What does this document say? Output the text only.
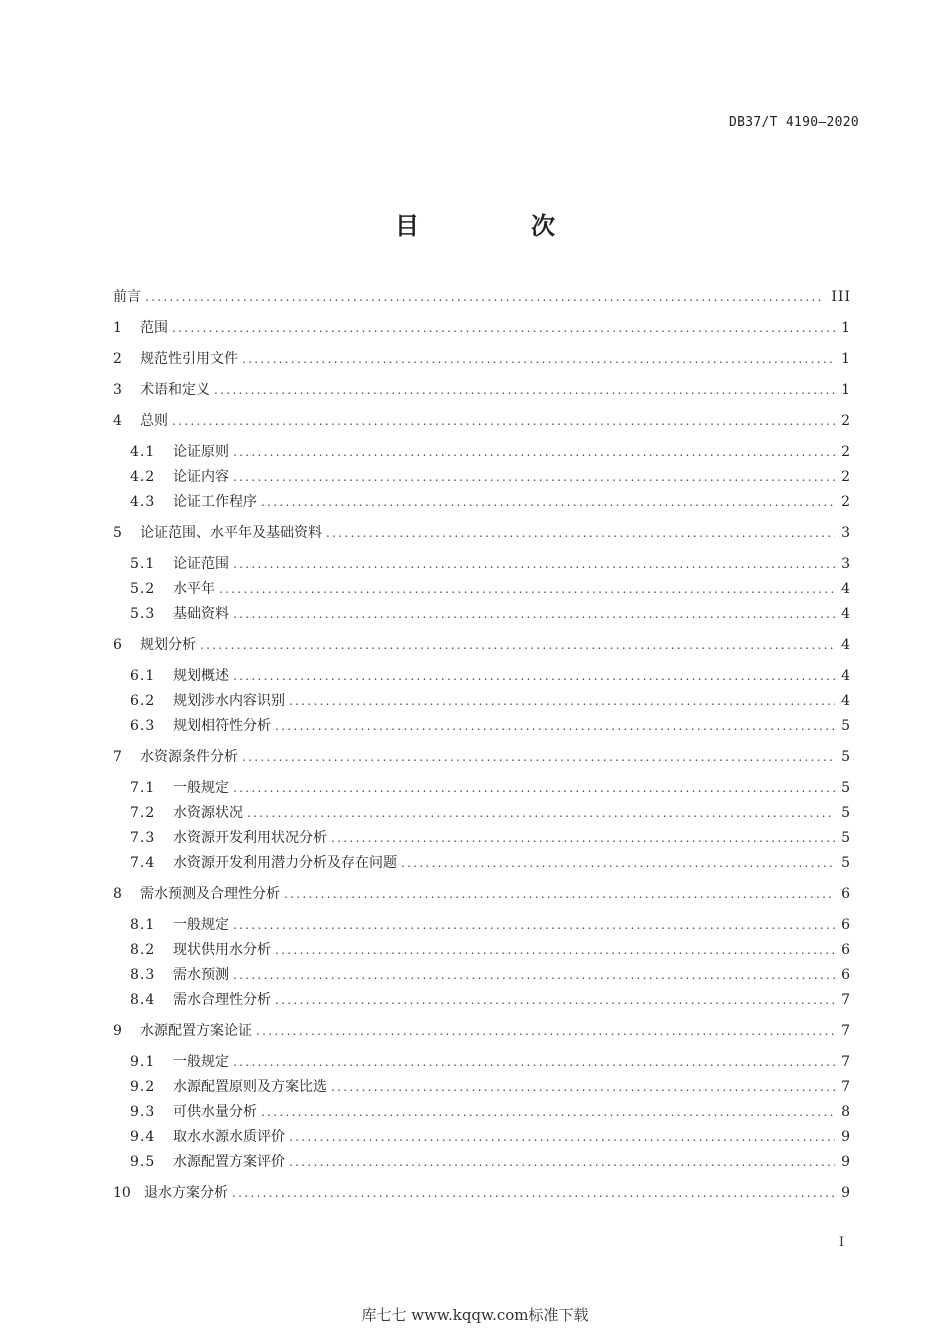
DB37/T 4190—2020
目　次
前言 .....	III
1	范围 .....	1
2	规范性引用文件 .....	1
3	术语和定义 .....	1
4	总则 .....	2
4.1	论证原则 .....	2
4.2	论证内容 .....	2
4.3	论证工作程序 .....	2
5	论证范围、水平年及基础资料 .....	3
5.1	论证范围 .....	3
5.2	水平年 .....	4
5.3	基础资料 .....	4
6	规划分析 .....	4
6.1	规划概述 .....	4
6.2	规划涉水内容识别 .....	4
6.3	规划相符性分析 .....	5
7	水资源条件分析 .....	5
7.1	一般规定 .....	5
7.2	水资源状况 .....	5
7.3	水资源开发利用状况分析 .....	5
7.4	水资源开发利用潜力分析及存在问题 .....	5
8	需水预测及合理性分析 .....	6
8.1	一般规定 .....	6
8.2	现状供用水分析 .....	6
8.3	需水预测 .....	6
8.4	需水合理性分析 .....	7
9	水源配置方案论证 .....	7
9.1	一般规定 .....	7
9.2	水源配置原则及方案比选 .....	7
9.3	可供水量分析 .....	8
9.4	取水水源水质评价 .....	9
9.5	水源配置方案评价 .....	9
10 退水方案分析 .....	9
I
库七七 www.kqqw.com标准下载
